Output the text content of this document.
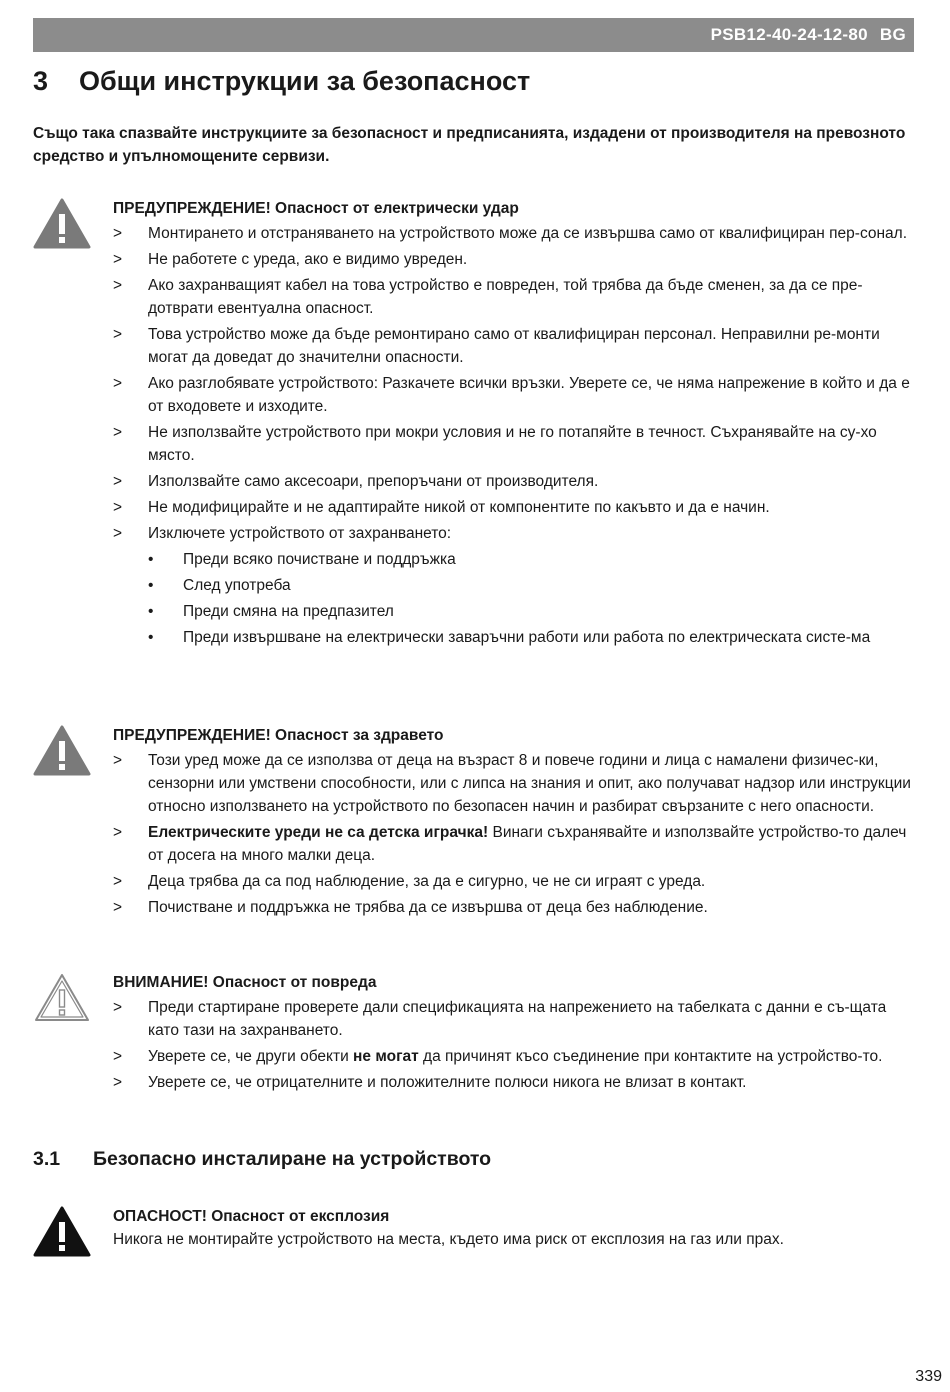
PSB12-40-24-12-80 BG
3 Общи инструкции за безопасност

Също така спазвайте инструкциите за безопасност и предписанията, издадени от производителя на превозното средство и упълномощените сервизи.

ПРЕДУПРЕЖДЕНИЕ! Опасност от електрически удар

> Монтирането и отстраняването на устройството може да се извършва само от квалифициран пер-сонал.
> Не работете с уреда, ако е видимо увреден.
> Ако захранващият кабел на това устройство е повреден, той трябва да бъде сменен, за да се пре-дотврати евентуална опасност.
> Това устройство може да бъде ремонтирано само от квалифициран персонал. Неправилни ре-монти могат да доведат до значителни опасности.
> Ако разглобявате устройството: Разкачете всички връзки. Уверете се, че няма напрежение в който и да е от входовете и изходите.
> Не използвайте устройството при мокри условия и не го потапяйте в течност. Съхранявайте на су-хо място.
> Използвайте само аксесоари, препоръчани от производителя.
> Не модифицирайте и не адаптирайте никой от компонентите по какъвто и да е начин.
> Изключете устройството от захранването:
• Преди всяко почистване и поддръжка
• След употреба
• Преди смяна на предпазител
• Преди извършване на електрически заваръчни работи или работа по електрическата систе-ма

ПРЕДУПРЕЖДЕНИЕ! Опасност за здравето

> Този уред може да се използва от деца на възраст 8 и повече години и лица с намалени физичес-ки, сензорни или умствени способности, или с липса на знания и опит, ако получават надзор или инструкции относно използването на устройството по безопасен начин и разбират свързаните с него опасности.
> Електрическите уреди не са детска играчка! Винаги съхранявайте и използвайте устройство-то далеч от досега на много малки деца.
> Деца трябва да са под наблюдение, за да е сигурно, че не си играят с уреда.
> Почистване и поддръжка не трябва да се извършва от деца без наблюдение.

ВНИМАНИЕ! Опасност от повреда

> Преди стартиране проверете дали спецификацията на напрежението на табелката с данни е съ-щата като тази на захранването.
> Уверете се, че други обекти не могат да причинят късо съединение при контактите на устройство-то.
> Уверете се, че отрицателните и положителните полюси никога не влизат в контакт.
3.1 Безопасно инсталиране на устройството

ОПАСНОСТ! Опасност от експлозия

Никога не монтирайте устройството на места, където има риск от експлозия на газ или прах.

339
